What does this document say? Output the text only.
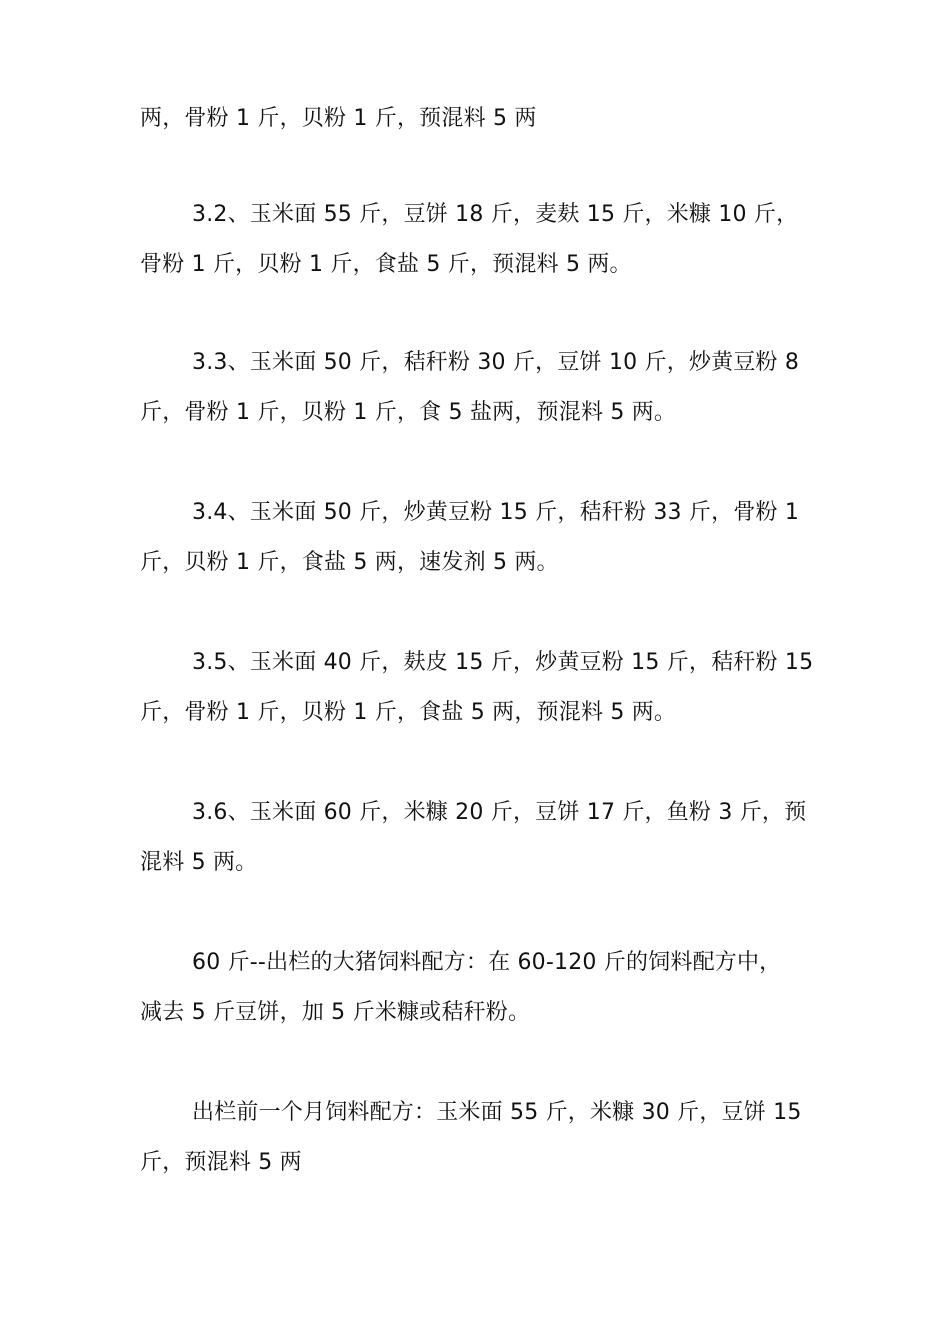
两，骨粉 1 斤，贝粉 1 斤，预混料 5 两

3.2、玉米面 55 斤，豆饼 18 斤，麦麸 15 斤，米糠 10 斤，
骨粉 1 斤，贝粉 1 斤，食盐 5 斤，预混料 5 两。

3.3、玉米面 50 斤，秸秆粉 30 斤，豆饼 10 斤，炒黄豆粉 8
斤，骨粉 1 斤，贝粉 1 斤，食 5 盐两，预混料 5 两。

3.4、玉米面 50 斤，炒黄豆粉 15 斤，秸秆粉 33 斤，骨粉 1
斤，贝粉 1 斤，食盐 5 两，速发剂 5 两。

3.5、玉米面 40 斤，麸皮 15 斤，炒黄豆粉 15 斤，秸秆粉 15
斤，骨粉 1 斤，贝粉 1 斤，食盐 5 两，预混料 5 两。

3.6、玉米面 60 斤，米糠 20 斤，豆饼 17 斤，鱼粉 3 斤，预
混料 5 两。

60 斤--出栏的大猪饲料配方：在 60-120 斤的饲料配方中，
减去 5 斤豆饼，加 5 斤米糠或秸秆粉。

出栏前一个月饲料配方：玉米面 55 斤，米糠 30 斤，豆饼 15
斤，预混料 5 两
